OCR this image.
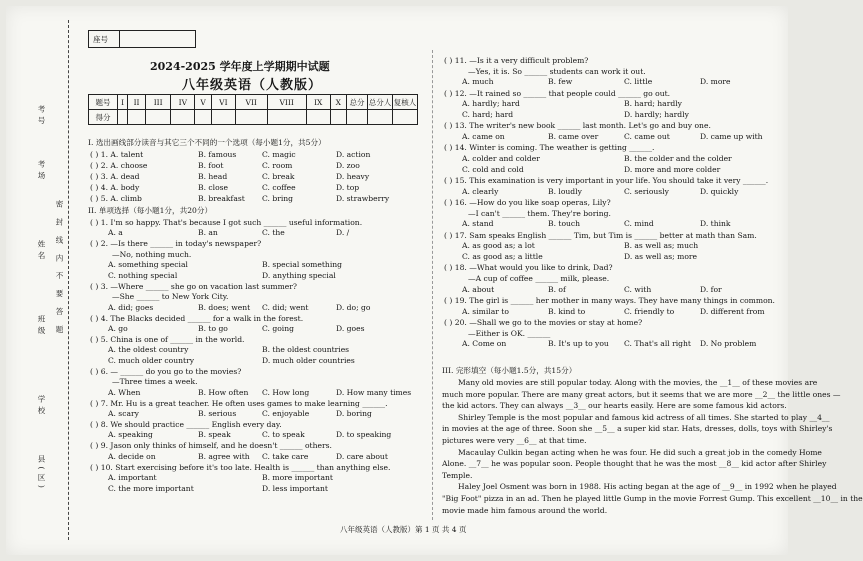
座号
考号
考场
姓名 密 封 线 内 不 要 答 题
班级
学校
县(区)
2024-2025 学年度上学期期中试题
八年级英语（人教版）
题号	I	II	III	IV	V	VI	VII	VIII	IX	X	总分	总分人	复核人
得分													
I. 选出画线部分读音与其它三个不同的一个选项（每小题1分，共5分）
( ) 1. A. talent	B. famous	C. magic	D. action
( ) 2. A. choose	B. foot	C. room	D. zoo
( ) 3. A. dead	B. head	C. break	D. heavy
( ) 4. A. body	B. close	C. coffee	D. top
( ) 5. A. climb	B. breakfast C. bring	D. strawberry
II. 单项选择（每小题1分，共20分）
( ) 1. I'm so happy. That's because I got such ______ useful information.
A. a	B. an	C. the	D. /
( ) 2. —Is there ______ in today's newspaper?
—No, nothing much.
A. something special	B. special something
C. nothing special	D. anything special
( ) 3. —Where ______ she go on vacation last summer?
—She ______ to New York City.
A. did; goes	B. does; went C. did; went	D. do; go
( ) 4. The Blacks decided ______ for a walk in the forest.
A. go	B. to go	C. going	D. goes
( ) 5. China is one of ______ in the world.
A. the oldest country	B. the oldest countries
C. much older country	D. much older countries
( ) 6. — ______ do you go to the movies?
—Three times a week.
A. When	B. How often C. How long	D. How many times
( ) 7. Mr. Hu is a great teacher. He often uses games to make learning ______.
A. scary	B. serious	C. enjoyable	D. boring
( ) 8. We should practice ______ English every day.
A. speaking	B. speak	C. to speak	D. to speaking
( ) 9. Jason only thinks of himself, and he doesn't ______ others.
A. decide on	B. agree with C. take care	D. care about
( ) 10. Start exercising before it's too late. Health is ______ than anything else.
A. important	B. more important
C. the more important	D. less important
( ) 11. —Is it a very difficult problem?
—Yes, it is. So ______ students can work it out.
A. much	B. few	C. little	D. more
( ) 12. —It rained so ______ that people could ______ go out.
A. hardly; hard	B. hard; hardly
C. hard; hard	D. hardly; hardly
( ) 13. The writer's new book ______ last month. Let's go and buy one.
A. came on	B. came over	C. came out	D. came up with
( ) 14. Winter is coming. The weather is getting ______.
A. colder and colder	B. the colder and the colder
C. cold and cold	D. more and more colder
( ) 15. This examination is very important in your life. You should take it very ______.
A. clearly	B. loudly	C. seriously	D. quickly
( ) 16. —How do you like soap operas, Lily?
—I can't ______ them. They're boring.
A. stand	B. touch	C. mind	D. think
( ) 17. Sam speaks English ______ Tim, but Tim is ______ better at math than Sam.
A. as good as; a lot	B. as well as; much
C. as good as; a little	D. as well as; more
( ) 18. —What would you like to drink, Dad?
—A cup of coffee ______ milk, please.
A. about	B. of	C. with	D. for
( ) 19. The girl is ______ her mother in many ways. They have many things in common.
A. similar to	B. kind to	C. friendly to	D. different from
( ) 20. —Shall we go to the movies or stay at home?
—Either is OK. ______
A. Come on	B. It's up to you C. That's all right D. No problem
III. 完形填空（每小题1.5分，共15分）
Many old movies are still popular today. Along with the movies, the __1__ of these movies are
much more popular. There are many great actors, but it seems that we are more __2__ the little ones —
the kid actors. They can always __3__ our hearts easily. Here are some famous kid actors.
Shirley Temple is the most popular and famous kid actress of all times. She started to play __4__
in movies at the age of three. Soon she __5__ a super kid star. Hats, dresses, dolls, toys with Shirley's
pictures were very __6__ at that time.
Macaulay Culkin began acting when he was four. He did such a great job in the comedy Home
Alone. __7__ he was popular soon. People thought that he was the most __8__ kid actor after Shirley
Temple.
Haley Joel Osment was born in 1988. His acting began at the age of __9__ in 1992 when he played
"Big Foot" pizza in an ad. Then he played little Gump in the movie Forrest Gump. This excellent __10__ in the
movie made him famous around the world.
八年级英语（人教版）第 1 页 共 4 页
